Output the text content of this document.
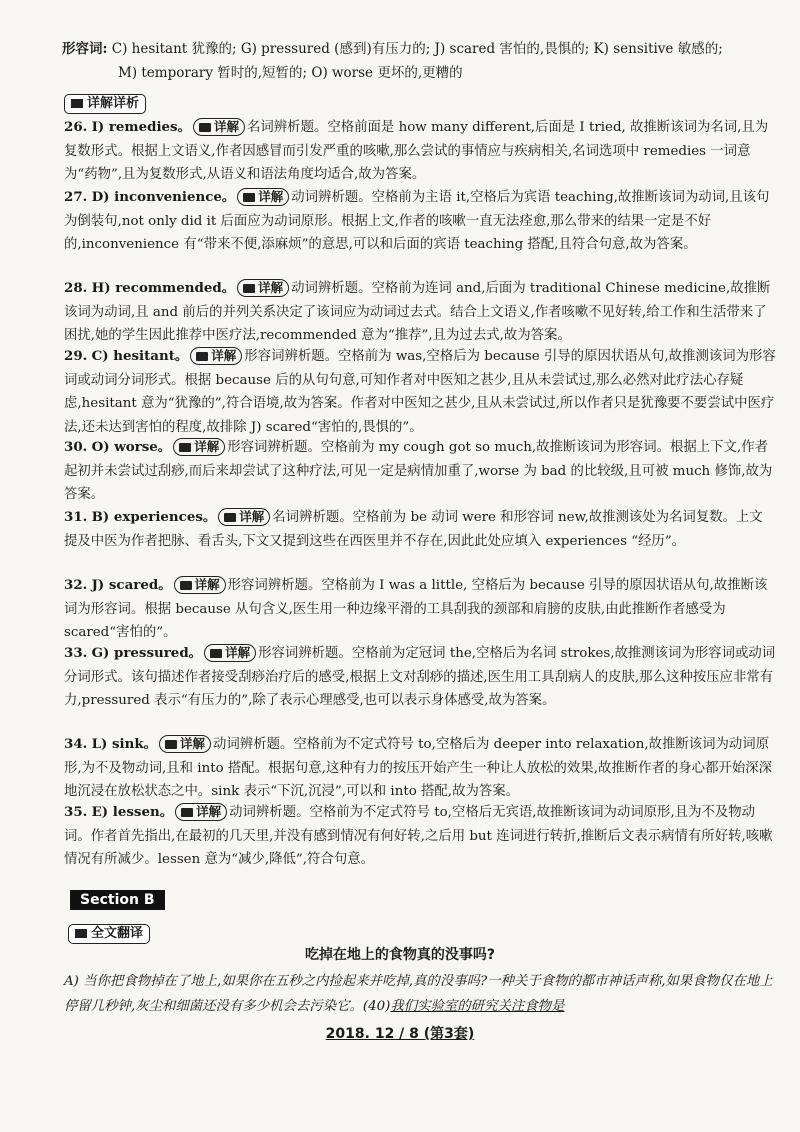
形容词: C) hesitant 犹豫的; G) pressured (感到)有压力的; J) scared 害怕的,畏惧的; K) sensitive 敏感的;
M) temporary 暂时的,短暂的; O) worse 更坏的,更糟的
详解详析
26. I) remedies。 详解 名词辨析题。空格前面是 how many different,后面是 I tried, 故推断该词为名词,且为复数形式。根据上文语义,作者因感冒而引发严重的咳嗽,那么尝试的事情应与疾病相关,名词选项中 remedies 一词意为“药物”,且为复数形式,从语义和语法角度均适合,故为答案。
27. D) inconvenience。 详解 动词辨析题。空格前为主语 it,空格后为宾语 teaching,故推断该词为动词,且该句为倒装句,not only did it 后面应为动词原形。根据上文,作者的咳嗽一直无法痊愈,那么带来的结果一定是不好的,inconvenience 有“带来不便,添麻烦”的意思,可以和后面的宾语 teaching 搭配,且符合句意,故为答案。
28. H) recommended。 详解 动词辨析题。空格前为连词 and,后面为 traditional Chinese medicine,故推断该词为动词,且 and 前后的并列关系决定了该词应为动词过去式。结合上文语义,作者咳嗽不见好转,给工作和生活带来了困扰,她的学生因此推荐中医疗法,recommended 意为“推荐”,且为过去式,故为答案。
29. C) hesitant。 详解 形容词辨析题。空格前为 was,空格后为 because 引导的原因状语从句,故推测该词为形容词或动词分词形式。根据 because 后的从句句意,可知作者对中医知之甚少,且从未尝试过,那么必然对此疗法心存疑虑,hesitant 意为“犹豫的”,符合语境,故为答案。作者对中医知之甚少,且从未尝试过,所以作者只是犹豫要不要尝试中医疗法,还未达到害怕的程度,故排除 J) scared“害怕的,畏惧的”。
30. O) worse。 详解 形容词辨析题。空格前为 my cough got so much,故推断该词为形容词。根据上下文,作者起初并未尝试过刮痧,而后来却尝试了这种疗法,可见一定是病情加重了,worse 为 bad 的比较级,且可被 much 修饰,故为答案。
31. B) experiences。 详解 名词辨析题。空格前为 be 动词 were 和形容词 new,故推测该处为名词复数。上文提及中医为作者把脉、看舌头,下文又提到这些在西医里并不存在,因此此处应填入 experiences “经历”。
32. J) scared。 详解 形容词辨析题。空格前为 I was a little, 空格后为 because 引导的原因状语从句,故推断该词为形容词。根据 because 从句含义,医生用一种边缘平滑的工具刮我的颈部和肩膀的皮肤,由此推断作者感受为 scared“害怕的”。
33. G) pressured。 详解 形容词辨析题。空格前为定冠词 the,空格后为名词 strokes,故推测该词为形容词或动词分词形式。该句描述作者接受刮痧治疗后的感受,根据上文对刮痧的描述,医生用工具刮病人的皮肤,那么这种按压应非常有力,pressured 表示“有压力的”,除了表示心理感受,也可以表示身体感受,故为答案。
34. L) sink。 详解 动词辨析题。空格前为不定式符号 to,空格后为 deeper into relaxation,故推断该词为动词原形,为不及物动词,且和 into 搭配。根据句意,这种有力的按压开始产生一种让人放松的效果,故推断作者的身心都开始深深地沉浸在放松状态之中。sink 表示“下沉,沉浸”,可以和 into 搭配,故为答案。
35. E) lessen。 详解 动词辨析题。空格前为不定式符号 to,空格后无宾语,故推断该词为动词原形,且为不及物动词。作者首先指出,在最初的几天里,并没有感到情况有何好转,之后用 but 连词进行转折,推断后文表示病情有所好转,咳嗽情况有所减少。lessen 意为“减少,降低”,符合句意。
Section B
全文翻译
吃掉在地上的食物真的没事吗?
A) 当你把食物掉在了地上,如果你在五秒之内捡起来并吃掉,真的没事吗?一种关于食物的都市神话声称,如果食物仅在地上停留几秒钟,灰尘和细菌还没有多少机会去污染它。(40)我们实验室的研究关注食物是
2018. 12 / 8 (第3套)
